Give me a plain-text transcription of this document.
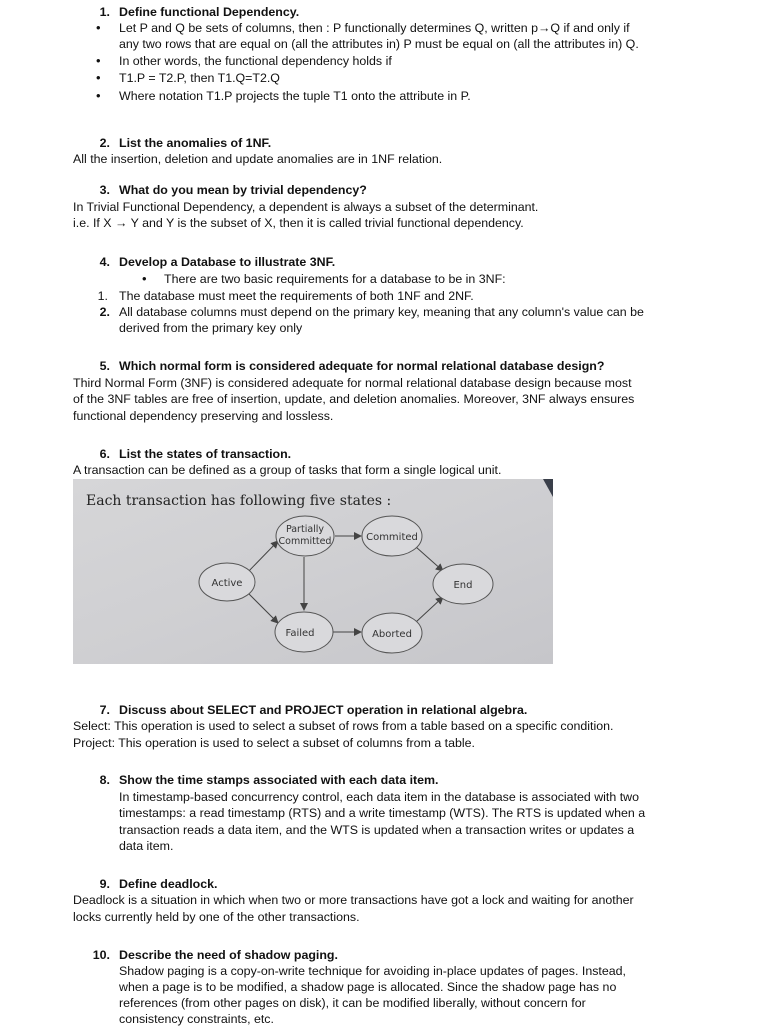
1. Define functional Dependency.
• Let P and Q be sets of columns, then : P functionally determines Q, written p→Q if and only if
any two rows that are equal on (all the attributes in) P must be equal on (all the attributes in) Q.
• In other words, the functional dependency holds if
• T1.P = T2.P, then T1.Q=T2.Q
• Where notation T1.P projects the tuple T1 onto the attribute in P.
2. List the anomalies of 1NF.
All the insertion, deletion and update anomalies are in 1NF relation.
3. What do you mean by trivial dependency?
In Trivial Functional Dependency, a dependent is always a subset of the determinant.
i.e. If X → Y and Y is the subset of X, then it is called trivial functional dependency.
4. Develop a Database to illustrate 3NF.
• There are two basic requirements for a database to be in 3NF:
1. The database must meet the requirements of both 1NF and 2NF.
2. All database columns must depend on the primary key, meaning that any column's value can be
derived from the primary key only
5. Which normal form is considered adequate for normal relational database design?
Third Normal Form (3NF) is considered adequate for normal relational database design because most
of the 3NF tables are free of insertion, update, and deletion anomalies. Moreover, 3NF always ensures
functional dependency preserving and lossless.
6. List the states of transaction.
A transaction can be defined as a group of tasks that form a single logical unit.
Each transaction has following five states :
Active
Partially
Committed	Commited
Failed	Aborted
End
7. Discuss about SELECT and PROJECT operation in relational algebra.
Select: This operation is used to select a subset of rows from a table based on a specific condition.
Project: This operation is used to select a subset of columns from a table.
8. Show the time stamps associated with each data item.
In timestamp-based concurrency control, each data item in the database is associated with two
timestamps: a read timestamp (RTS) and a write timestamp (WTS). The RTS is updated when a
transaction reads a data item, and the WTS is updated when a transaction writes or updates a
data item.
9. Define deadlock.
Deadlock is a situation in which when two or more transactions have got a lock and waiting for another
locks currently held by one of the other transactions.
10. Describe the need of shadow paging.
Shadow paging is a copy-on-write technique for avoiding in-place updates of pages. Instead,
when a page is to be modified, a shadow page is allocated. Since the shadow page has no
references (from other pages on disk), it can be modified liberally, without concern for
consistency constraints, etc.
